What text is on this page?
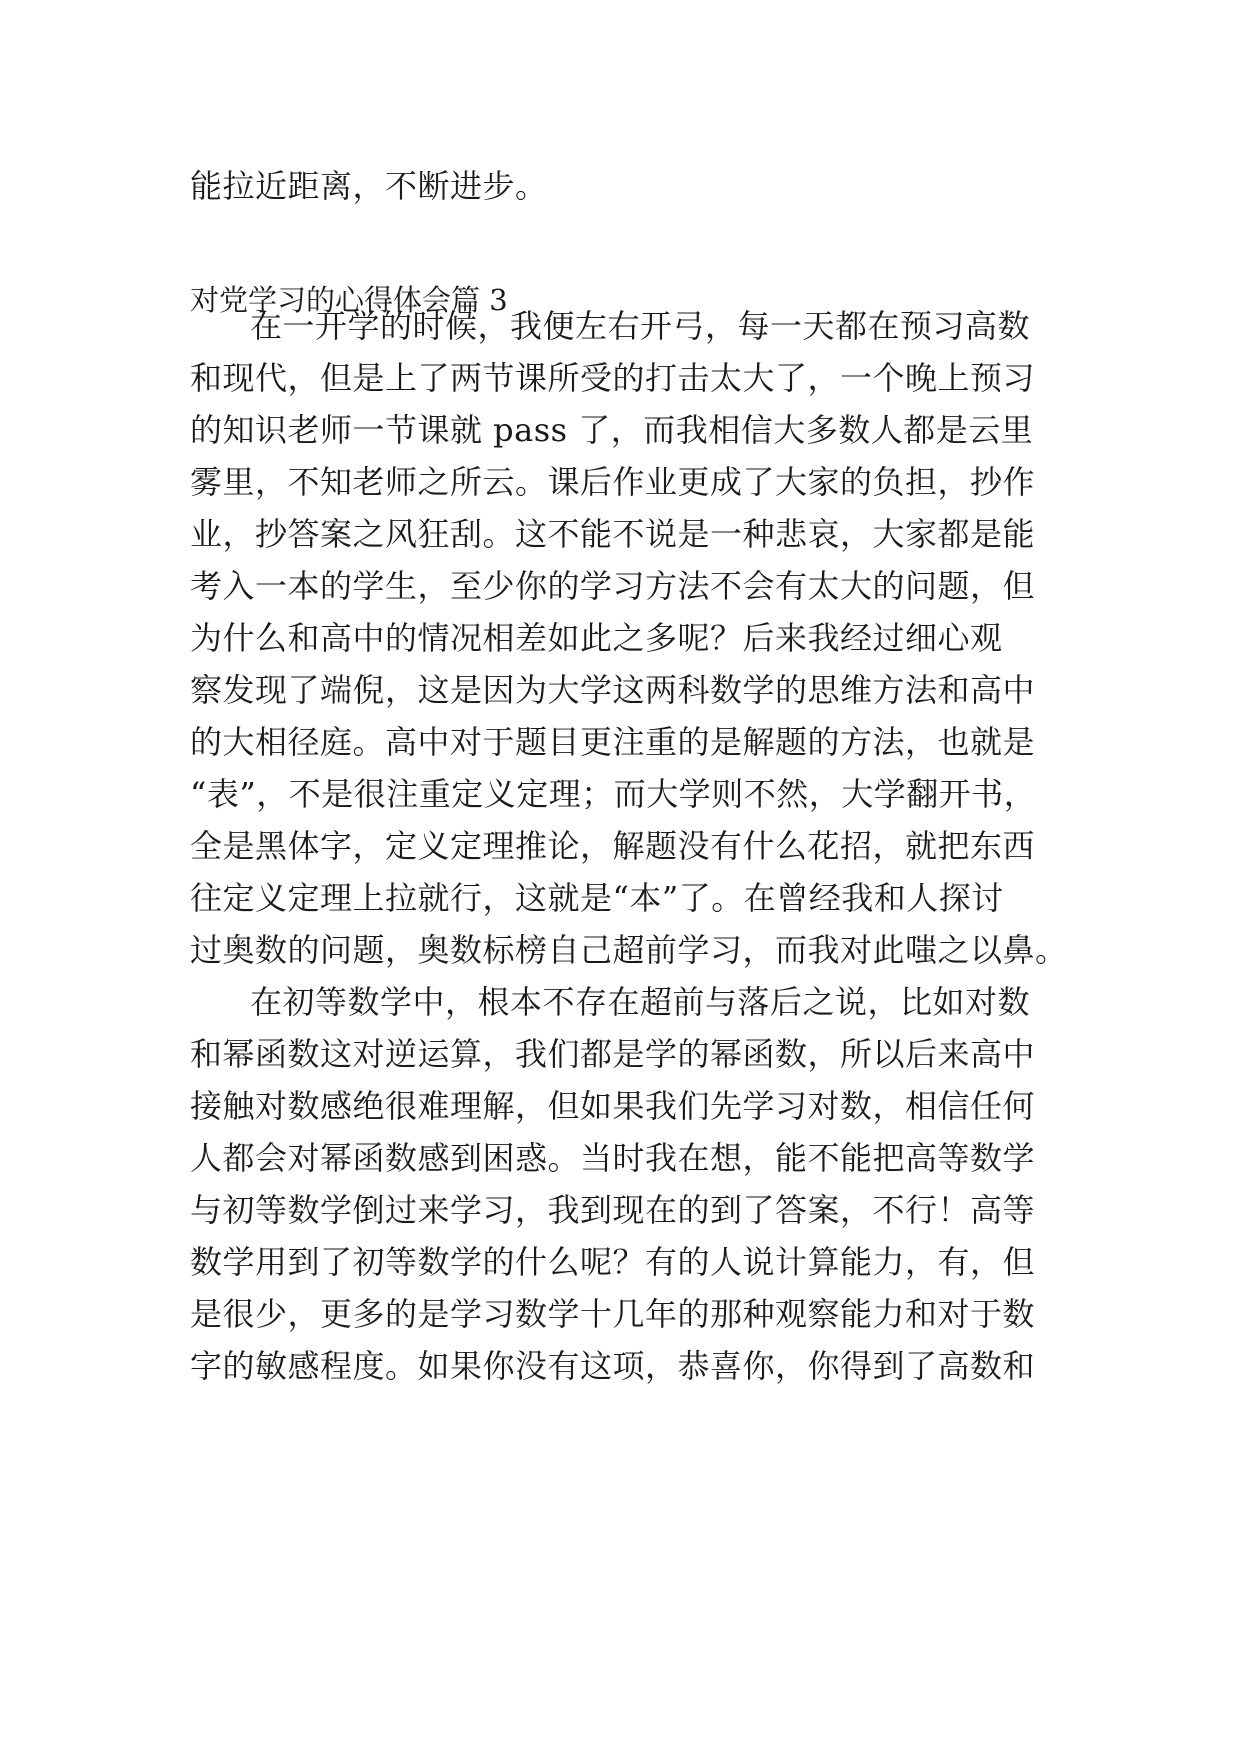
能拉近距离，不断进步。
对党学习的心得体会篇 3
在一开学的时候，我便左右开弓，每一天都在预习高数
和现代，但是上了两节课所受的打击太大了，一个晚上预习
的知识老师一节课就 pass 了，而我相信大多数人都是云里
雾里，不知老师之所云。课后作业更成了大家的负担，抄作
业，抄答案之风狂刮。这不能不说是一种悲哀，大家都是能
考入一本的学生，至少你的学习方法不会有太大的问题，但
为什么和高中的情况相差如此之多呢？后来我经过细心观
察发现了端倪，这是因为大学这两科数学的思维方法和高中
的大相径庭。高中对于题目更注重的是解题的方法，也就是
“表”，不是很注重定义定理；而大学则不然，大学翻开书，
全是黑体字，定义定理推论，解题没有什么花招，就把东西
往定义定理上拉就行，这就是“本”了。在曾经我和人探讨
过奥数的问题，奥数标榜自己超前学习，而我对此嗤之以鼻。
在初等数学中，根本不存在超前与落后之说，比如对数
和幂函数这对逆运算，我们都是学的幂函数，所以后来高中
接触对数感绝很难理解，但如果我们先学习对数，相信任何
人都会对幂函数感到困惑。当时我在想，能不能把高等数学
与初等数学倒过来学习，我到现在的到了答案，不行！高等
数学用到了初等数学的什么呢？有的人说计算能力，有，但
是很少，更多的是学习数学十几年的那种观察能力和对于数
字的敏感程度。如果你没有这项，恭喜你，你得到了高数和
